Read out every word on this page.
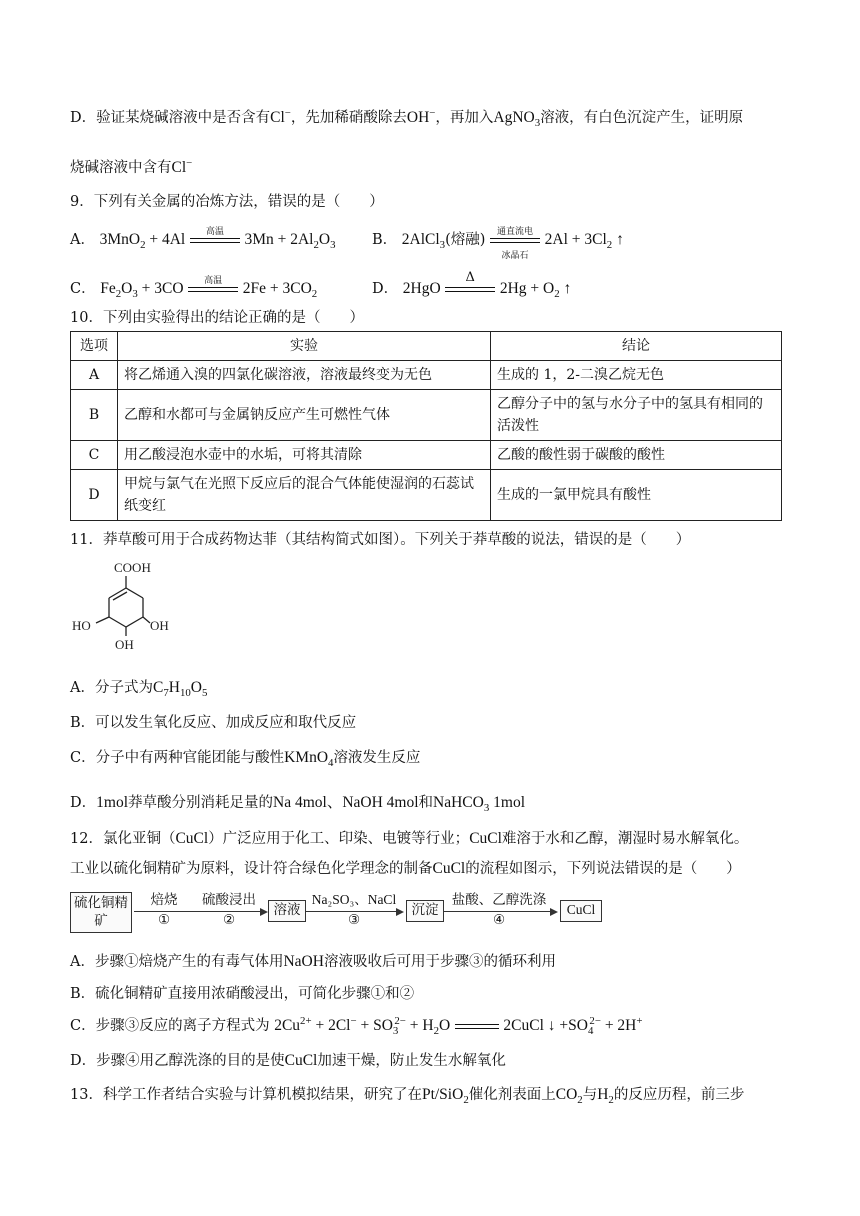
D．验证某烧碱溶液中是否含有Cl−，先加稀硝酸除去OH−，再加入AgNO$_3$溶液，有白色沉淀产生，证明原
烧碱溶液中含有Cl−
9．下列有关金属的冶炼方法，错误的是（　　）
A． 3MnO$_2$ + 4Al	高温	$3Mn + 2Al_2O_3$	B． 2AlCl$_3$(熔融)
通直流电
冰晶石
$2Al + 3Cl_2$ ↑
C． $Fe_2O_3 + 3CO$	高温	$2Fe + 3CO_2$	D． 2HgO
Δ
$2Hg + O_2$ ↑
10．下列由实验得出的结论正确的是（　　）
选项	实验	结论
A	将乙烯通入溴的四氯化碳溶液，溶液最终变为无色	生成的 1，2-二溴乙烷无色
B	乙醇和水都可与金属钠反应产生可燃性气体	乙醇分子中的氢与水分子中的氢具有相同的活泼性
C	用乙酸浸泡水壶中的水垢，可将其清除	乙酸的酸性弱于碳酸的酸性
D	甲烷与氯气在光照下反应后的混合气体能使湿润的石蕊试纸变红	生成的一氯甲烷具有酸性
11．莽草酸可用于合成药物达菲（其结构简式如图）。下列关于莽草酸的说法，错误的是（　　）
COOH
HO	OH
OH
A．分子式为$C_7H_{10}O_5$
B．可以发生氧化反应、加成反应和取代反应
C．分子中有两种官能团能与酸性KMnO$_4$溶液发生反应
D．1mol莽草酸分别消耗足量的Na 4mol、NaOH 4mol和NaHCO$_3$ 1mol
12．氯化亚铜（CuCl）广泛应用于化工、印染、电镀等行业；CuCl难溶于水和乙醇，潮湿时易水解氧化。
工业以硫化铜精矿为原料，设计符合绿色化学理念的制备CuCl的流程如图示，下列说法错误的是（　　）
硫化铜精矿
焙烧
①
硫酸浸出
②
溶液
Na₂SO₃、NaCl
③
沉淀
盐酸、乙醇洗涤
④
CuCl
A．步骤①焙烧产生的有毒气体用NaOH溶液吸收后可用于步骤③的循环利用
B．硫化铜精矿直接用浓硝酸浸出，可简化步骤①和②
C．步骤③反应的离子方程式为 $2Cu^{2+} + 2Cl^- + SO_3^{2-} + H_2O$	2CuCl ↓ $+SO_4^{2-} + 2H^+$
D．步骤④用乙醇洗涤的目的是使CuCl加速干燥，防止发生水解氧化
13．科学工作者结合实验与计算机模拟结果，研究了在Pt/SiO$_2$催化剂表面上$CO_2$与$H_2$的反应历程，前三步
